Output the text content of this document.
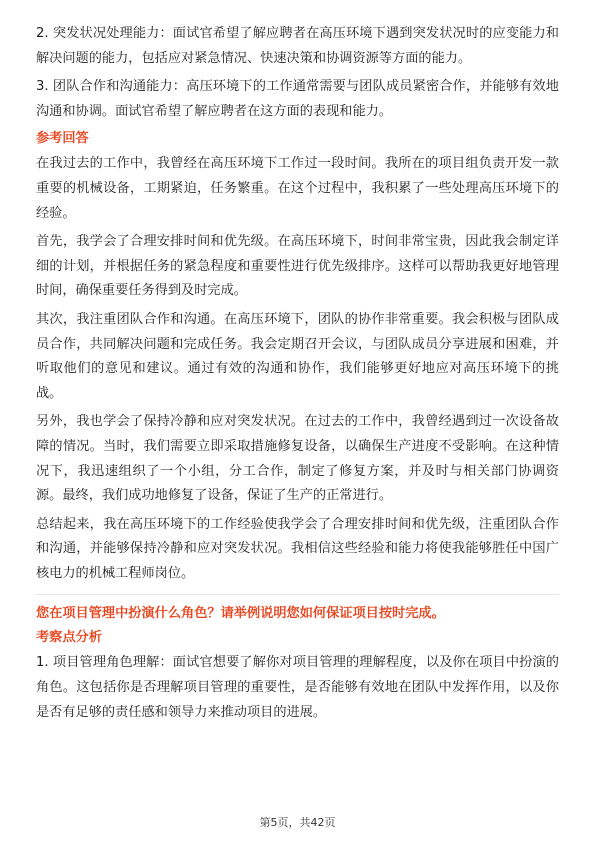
2. 突发状况处理能力：面试官希望了解应聘者在高压环境下遇到突发状况时的应变能力和解决问题的能力，包括应对紧急情况、快速决策和协调资源等方面的能力。

3. 团队合作和沟通能力：高压环境下的工作通常需要与团队成员紧密合作，并能够有效地沟通和协调。面试官希望了解应聘者在这方面的表现和能力。

参考回答

在我过去的工作中，我曾经在高压环境下工作过一段时间。我所在的项目组负责开发一款重要的机械设备，工期紧迫，任务繁重。在这个过程中，我积累了一些处理高压环境下的经验。

首先，我学会了合理安排时间和优先级。在高压环境下，时间非常宝贵，因此我会制定详细的计划，并根据任务的紧急程度和重要性进行优先级排序。这样可以帮助我更好地管理时间，确保重要任务得到及时完成。

其次，我注重团队合作和沟通。在高压环境下，团队的协作非常重要。我会积极与团队成员合作，共同解决问题和完成任务。我会定期召开会议，与团队成员分享进展和困难，并听取他们的意见和建议。通过有效的沟通和协作，我们能够更好地应对高压环境下的挑战。

另外，我也学会了保持冷静和应对突发状况。在过去的工作中，我曾经遇到过一次设备故障的情况。当时，我们需要立即采取措施修复设备，以确保生产进度不受影响。在这种情况下，我迅速组织了一个小组，分工合作，制定了修复方案，并及时与相关部门协调资源。最终，我们成功地修复了设备，保证了生产的正常进行。

总结起来，我在高压环境下的工作经验使我学会了合理安排时间和优先级，注重团队合作和沟通，并能够保持冷静和应对突发状况。我相信这些经验和能力将使我能够胜任中国广核电力的机械工程师岗位。

您在项目管理中扮演什么角色？请举例说明您如何保证项目按时完成。
考察点分析

1. 项目管理角色理解：面试官想要了解你对项目管理的理解程度，以及你在项目中扮演的角色。这包括你是否理解项目管理的重要性，是否能够有效地在团队中发挥作用，以及你是否有足够的责任感和领导力来推动项目的进展。

第5页，共42页
